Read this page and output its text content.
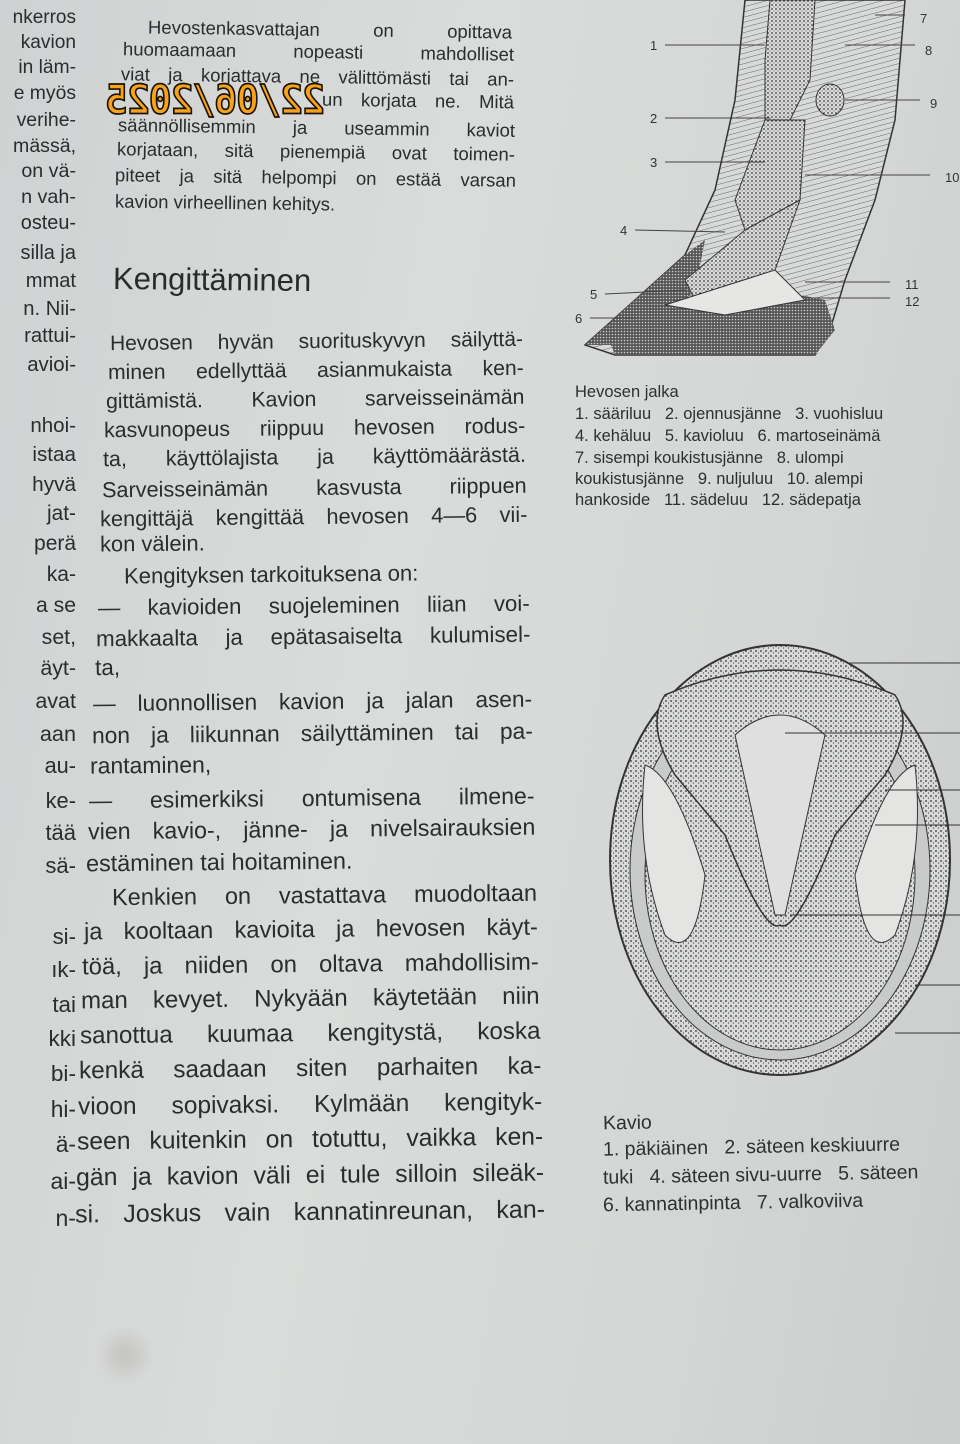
nkerros
kavion
in läm-
e myös
verihe-
mässä,
on vä-
n vah-
osteu-
silla ja
mmat
n. Nii-
rattui-
avioi-
nhoi-
istaa
hyvä
jat-
perä
ka-
a se
set,
äyt-
avat
aan
au-
ke-
tää
sä-
si-
ık-
tai
kki
bi-
hi-
ä-
ai-
n-
Hevostenkasvattajan on opittava
huomaamaan nopeasti mahdolliset
viat ja korjattava ne välittömästi tai an-
un korjata ne. Mitä
säännöllisemmin ja useammin kaviot
korjataan, sitä pienempiä ovat toimen-
piteet ja sitä helpompi on estää varsan
kavion virheellinen kehitys.
Kengittäminen
Hevosen hyvän suorituskyvyn säilyttä-
minen edellyttää asianmukaista ken-
gittämistä. Kavion sarveisseinämän
kasvunopeus riippuu hevosen rodus-
ta, käyttölajista ja käyttömäärästä.
Sarveisseinämän kasvusta riippuen
kengittäjä kengittää hevosen 4—6 vii-
kon välein.
Kengityksen tarkoituksena on:
— kavioiden suojeleminen liian voi-
makkaalta ja epätasaiselta kulumisel-
ta,
— luonnollisen kavion ja jalan asen-
non ja liikunnan säilyttäminen tai pa-
rantaminen,
— esimerkiksi ontumisena ilmene-
vien kavio-, jänne- ja nivelsairauksien
estäminen tai hoitaminen.
Kenkien on vastattava muodoltaan
ja kooltaan kavioita ja hevosen käyt-
töä, ja niiden on oltava mahdollisim-
man kevyet. Nykyään käytetään niin
sanottua kuumaa kengitystä, koska
kenkä saadaan siten parhaiten ka-
vioon sopivaksi. Kylmään kengityk-
seen kuitenkin on totuttu, vaikka ken-
gän ja kavion väli ei tule silloin sileäk-
si. Joskus vain kannatinreunan, kan-
1
2
3
4
5
6
7
8
9
10
11
12
Hevosen jalka
1. sääriluu   2. ojennusjänne   3. vuohisluu
4. kehäluu   5. kavioluu   6. martoseinämä
7. sisempi koukistusjänne   8. ulompi
koukistusjänne   9. nuljuluu   10. alempi
hankoside   11. sädeluu   12. sädepatja
Kavio
1. päkiäinen   2. säteen keskiuurre
tuki   4. säteen sivu-uurre   5. säteen
6. kannatinpinta   7. valkoviiva
22/06/2025
